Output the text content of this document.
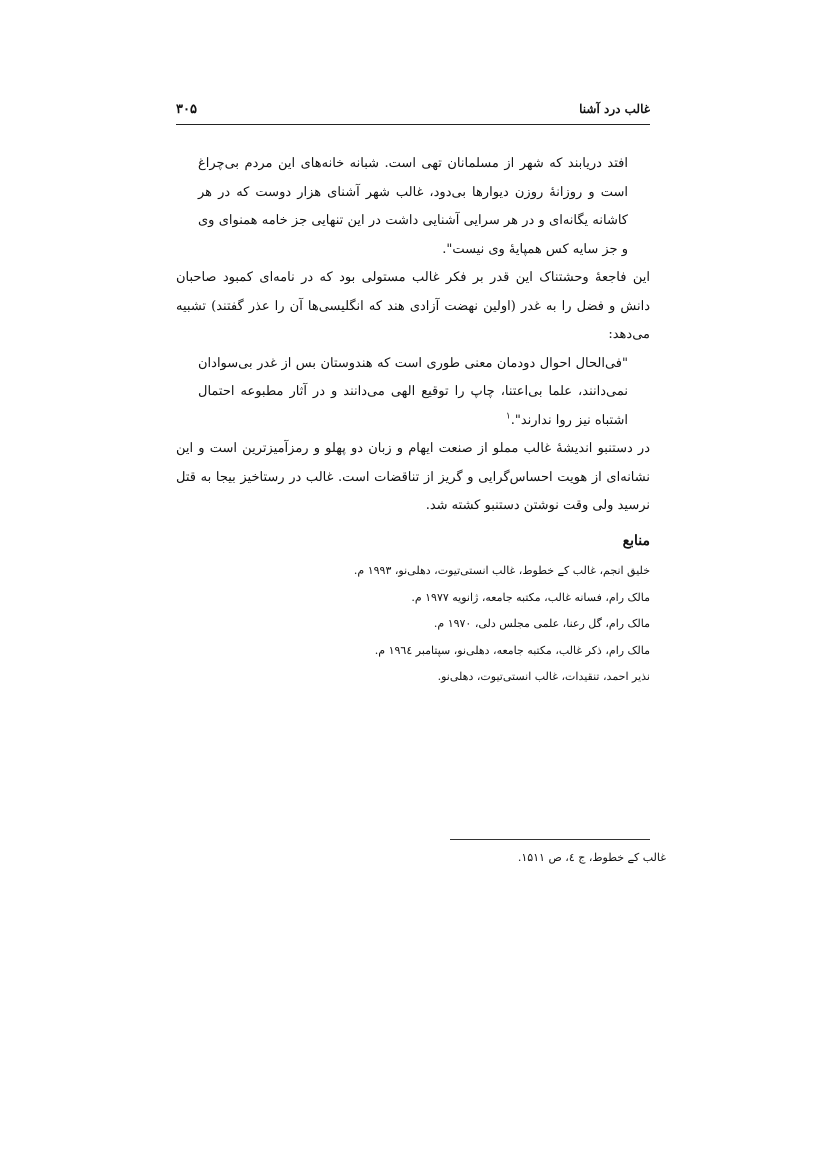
۳۰۵	غالب درد آشنا

افتد دریابند که شهر از مسلمانان تهی است. شبانه خانه‌های این مردم بی‌چراغ است و روزانهٔ روزن دیوارها بی‌دود، غالب شهر آشنای هزار دوست که در هر کاشانه یگانه‌ای و در هر سرایی آشنایی داشت در این تنهایی جز خامه همنوای وی و جز سایه کس همپایهٔ وی نیست".

این فاجعهٔ وحشتناک این قدر بر فکر غالب مستولی بود که در نامه‌ای کمبود صاحبان دانش و فضل را به غدر (اولین نهضت آزادی هند که انگلیسی‌ها آن را عذر گفتند) تشبیه می‌دهد:

"فی‌الحال احوال دودمان معنی طوری است که هندوستان بس از غدر بی‌سوادان نمی‌دانند، علما بی‌اعتنا، چاپ را توقیع الهی می‌دانند و در آثار مطبوعه احتمال اشتباه نیز روا ندارند".$^۱$

در دستنبو اندیشهٔ غالب مملو از صنعت ایهام و زبان دو پهلو و رمزآمیزترین است و این نشانه‌ای از هویت احساس‌گرایی و گریز از تناقضات است. غالب در رستاخیز بیجا به قتل نرسید ولی وقت نوشتن دستنبو کشته شد.

منابع
خلیق انجم، غالب کے خطوط، غالب انستی‌تیوت، دهلی‌نو، ۱۹۹۳ م.
مالک رام، فسانه غالب، مکتبه جامعه، ژانویه ۱۹۷۷ م.
مالک رام، گل رعنا، علمی مجلس دلی، ۱۹۷۰ م.
مالک رام، ذکر غالب، مکتبه جامعه، دهلی‌نو، سپتامبر ۱۹٦٤ م.
نذیر احمد، تنقیدات، غالب انستی‌تیوت، دهلی‌نو.
غالب کے خطوط، ج ٤، ص ۱۵۱۱.
